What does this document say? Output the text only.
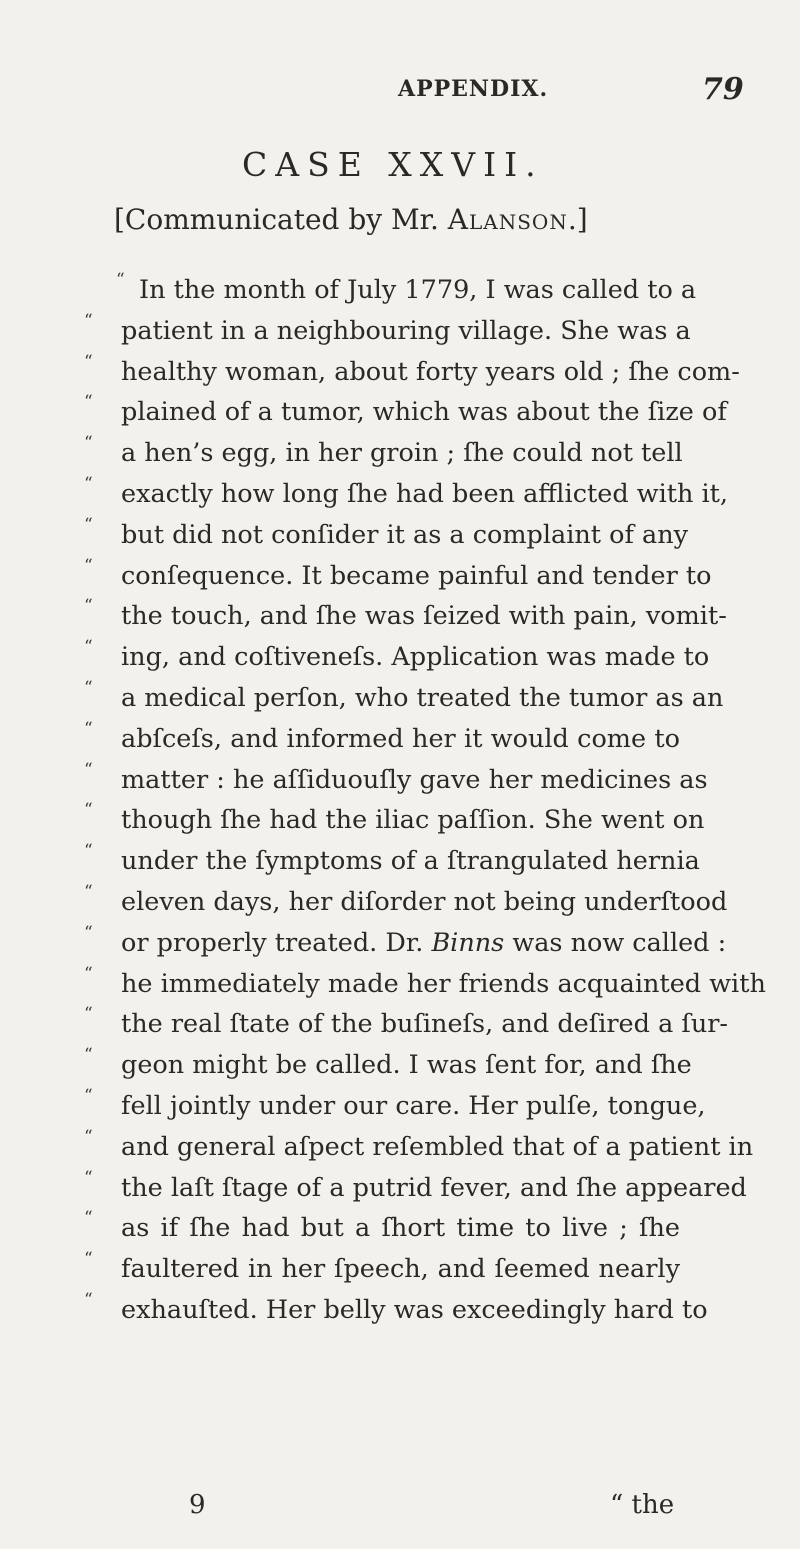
APPENDIX.	79
CASE XXVII.
[Communicated by Mr. Alanson.]
“ In the month of July 1779, I was called to a
“ patient in a neighbouring village. She was a
“ healthy woman, about forty years old ; ſhe com-
“ plained of a tumor, which was about the ſize of
“ a hen’s egg, in her groin ; ſhe could not tell
“ exactly how long ſhe had been afflicted with it,
“ but did not conſider it as a complaint of any
“ conſequence. It became painful and tender to
“ the touch, and ſhe was ſeized with pain, vomit-
“ ing, and coſtiveneſs. Application was made to
“ a medical perſon, who treated the tumor as an
“ abſceſs, and informed her it would come to
“ matter : he aſſiduouſly gave her medicines as
“ though ſhe had the iliac paſſion. She went on
“ under the ſymptoms of a ſtrangulated hernia
“ eleven days, her diſorder not being underſtood
“ or properly treated. Dr. Binns was now called :
“ he immediately made her friends acquainted with
“ the real ſtate of the buſineſs, and deſired a ſur-
“ geon might be called. I was ſent for, and ſhe
“ fell jointly under our care. Her pulſe, tongue,
“ and general aſpect reſembled that of a patient in
“ the laſt ſtage of a putrid fever, and ſhe appeared
“ as if ſhe had but a ſhort time to live ; ſhe
“ faultered in her ſpeech, and ſeemed nearly
“ exhauſted. Her belly was exceedingly hard to
9	“ the
